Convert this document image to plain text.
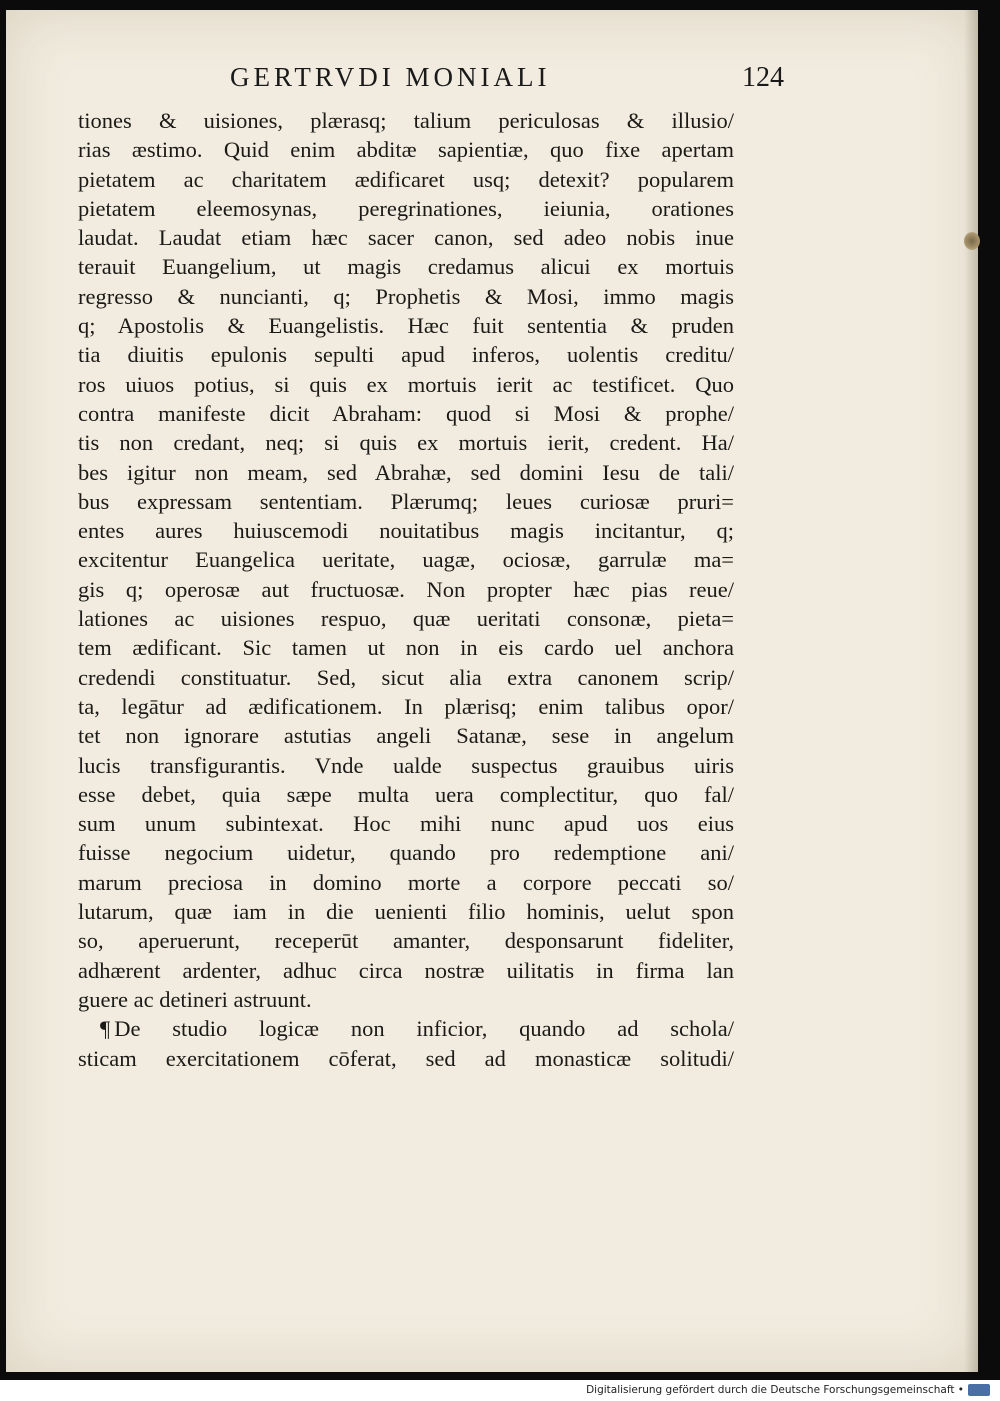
GERTRVDI MONIALI	124
tiones & uisiones, plærasq; talium periculosas & illusio/
rias æstimo. Quid enim abditæ sapientiæ, quo fixe apertam
pietatem ac charitatem ædificaret usq; detexit? popularem
pietatem eleemosynas, peregrinationes, ieiunia, orationes
laudat. Laudat etiam hæc sacer canon, sed adeo nobis inue
terauit Euangelium, ut magis credamus alicui ex mortuis
regresso & nuncianti, q; Prophetis & Mosi, immo magis
q; Apostolis & Euangelistis. Hæc fuit sententia & pruden
tia diuitis epulonis sepulti apud inferos, uolentis creditu/
ros uiuos potius, si quis ex mortuis ierit ac testificet. Quo
contra manifeste dicit Abraham: quod si Mosi & prophe/
tis non credant, neq; si quis ex mortuis ierit, credent. Ha/
bes igitur non meam, sed Abrahæ, sed domini Iesu de tali/
bus expressam sententiam. Plærumq; leues curiosæ pruri=
entes aures huiuscemodi nouitatibus magis incitantur, q;
excitentur Euangelica ueritate, uagæ, ociosæ, garrulæ ma=
gis q; operosæ aut fructuosæ. Non propter hæc pias reue/
lationes ac uisiones respuo, quæ ueritati consonæ, pieta=
tem ædificant. Sic tamen ut non in eis cardo uel anchora
credendi constituatur. Sed, sicut alia extra canonem scrip/
ta, legātur ad ædificationem. In plærisq; enim talibus opor/
tet non ignorare astutias angeli Satanæ, sese in angelum
lucis transfigurantis. Vnde ualde suspectus grauibus uiris
esse debet, quia sæpe multa uera complectitur, quo fal/
sum unum subintexat. Hoc mihi nunc apud uos eius
fuisse negocium uidetur, quando pro redemptione ani/
marum preciosa in domino morte a corpore peccati so/
lutarum, quæ iam in die uenienti filio hominis, uelut spon
so, aperuerunt, receperūt amanter, desponsarunt fideliter,
adhærent ardenter, adhuc circa nostræ uilitatis in firma lan
guere ac detineri astruunt.
¶ De studio logicæ non inficior, quando ad schola/
sticam exercitationem cōferat, sed ad monasticæ solitudi/
Digitalisierung gefördert durch die Deutsche Forschungsgemeinschaft •
